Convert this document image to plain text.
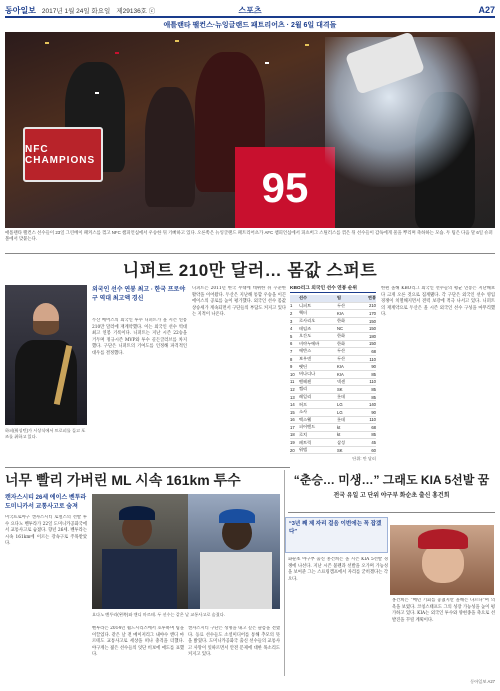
동아일보 2017년 1월 24일 화요일 제29136호 ⓒ	스포츠	A27
애틀랜타 팰컨스·뉴잉글랜드 패트리어츠 · 2월 6일 대격돌
NFC CHAMPIONS
95
애틀랜타 팰컨스 선수들이 23일 그린베이 패커스를 꺾고 NFC 챔피언십에서 우승한 뒤 기뻐하고 있다. 오른쪽은 뉴잉글랜드 패트리어츠가 AFC 챔피언십에서 피츠버그 스틸러스를 꺾은 뒤 선수들이 감독에게 물을 뿌리며 축하하는 모습. 두 팀은 다음 달 6일 슈퍼볼에서 맞붙는다.
니퍼트 210만 달러… 몸값 스퍼트
하퍼(워싱턴)가 시상식에서 트로피를 들고 포즈를 취하고 있다.
외국인 선수 연봉 최고 · 한국 프로야구 역대 최고액 경신
두산 베어스의 외국인 투수 니퍼트가 올 시즌 연봉 210만 달러에 재계약했다. 이는 외국인 선수 역대 최고 연봉 기록이다. 니퍼트는 지난 시즌 22승을 거두며 정규시즌 MVP와 투수 골든글러브를 차지했다. 구단은 니퍼트의 기여도를 인정해 파격적인 대우를 결정했다.
니퍼트는 2011년 한국 무대에 데뷔한 뒤 꾸준한 활약을 이어왔다. 두산은 지난해 통합 우승을 이끈 에이스의 공로를 높이 평가했다. 외국인 선수 몸값 상승세가 계속되면서 구단들의 부담도 커지고 있다는 지적이 나온다.
KBO리그 외국인 선수 연봉 순위
선수	팀	연봉
1	니퍼트	두산	210
2	헥터	KIA	170
3	로사리오	한화	150
4	테임즈	NC	150
5	오간도	한화	180
6	비야누에바	한화	150
7	에반스	두산	68
8	보우덴	두산	110
9	팻딘	KIA	90
10	버나디나	KIA	85
11	밴헤켄	넥센	110
12	켈리	SK	85
13	레일리	롯데	85
14	허프	LG	140
15	소사	LG	90
16	맥스웰	롯데	110
17	피어밴드	kt	68
18	로치	kt	85
19	페트릭	삼성	45
20	워델	SK	60
단위: 만 달러
한편 올해 KBO리그 외국인 선수들의 평균 연봉은 지난해보다 크게 오른 것으로 집계됐다. 각 구단은 외국인 선수 영입 경쟁이 치열해지면서 전력 보강에 적극 나서고 있다. 니퍼트의 재계약으로 두산은 올 시즌 외국인 선수 구성을 마무리했다.
너무 빨리 가버린 ML 시속 161km 투수
캔자스시티 26세 에이스 벤투라 도미니카서 교통사고로 숨져
미국프로야구 캔자스시티 로열스의 선발 투수 요다노 벤투라가 22일 도미니카공화국에서 교통사고로 숨졌다. 향년 26세. 벤투라는 시속 161km에 이르는 강속구로 주목받았다.
요다노 벤투라(왼쪽)와 앤디 마르테. 두 선수는 같은 날 교통사고로 숨졌다.
벤투라는 2014년 월드시리즈에서 호투하며 팀을 이끌었다. 같은 날 전 메이저리그 내야수 앤디 마르테도 교통사고로 세상을 떠나 충격을 더했다. 야구계는 젊은 선수들의 잇단 비보에 애도를 표했다.
캔자스시티 구단은 성명을 내고 깊은 슬픔을 전했다. 동료 선수들도 소셜미디어를 통해 추모의 뜻을 밝혔다. 도미니카공화국 출신 선수들의 교통사고 사망이 잇따르면서 안전 문제에 대한 목소리도 커지고 있다.
“춘승… 미생…” 그래도 KIA 5선발 꿈
전국 유일 고 단위 야구부 화순초 출신 홍건희
“3년 째 제 자리 걸음 이번에는 꼭 잡겠다”
화순초 야구부 출신 홍건희는 올 시즌 KIA 5선발 경쟁에 나선다. 지난 시즌 불펜과 선발을 오가며 가능성을 보여준 그는 스프링캠프에서 자리를 굳히겠다는 각오다.
홍건희는 “매년 기회를 놓쳤지만 올해는 다르다”며 의욕을 보였다. 코칭스태프도 그의 성장 가능성을 높이 평가하고 있다. KIA는 외국인 투수와 양현종을 축으로 선발진을 꾸릴 계획이다.
동아일보 A27
